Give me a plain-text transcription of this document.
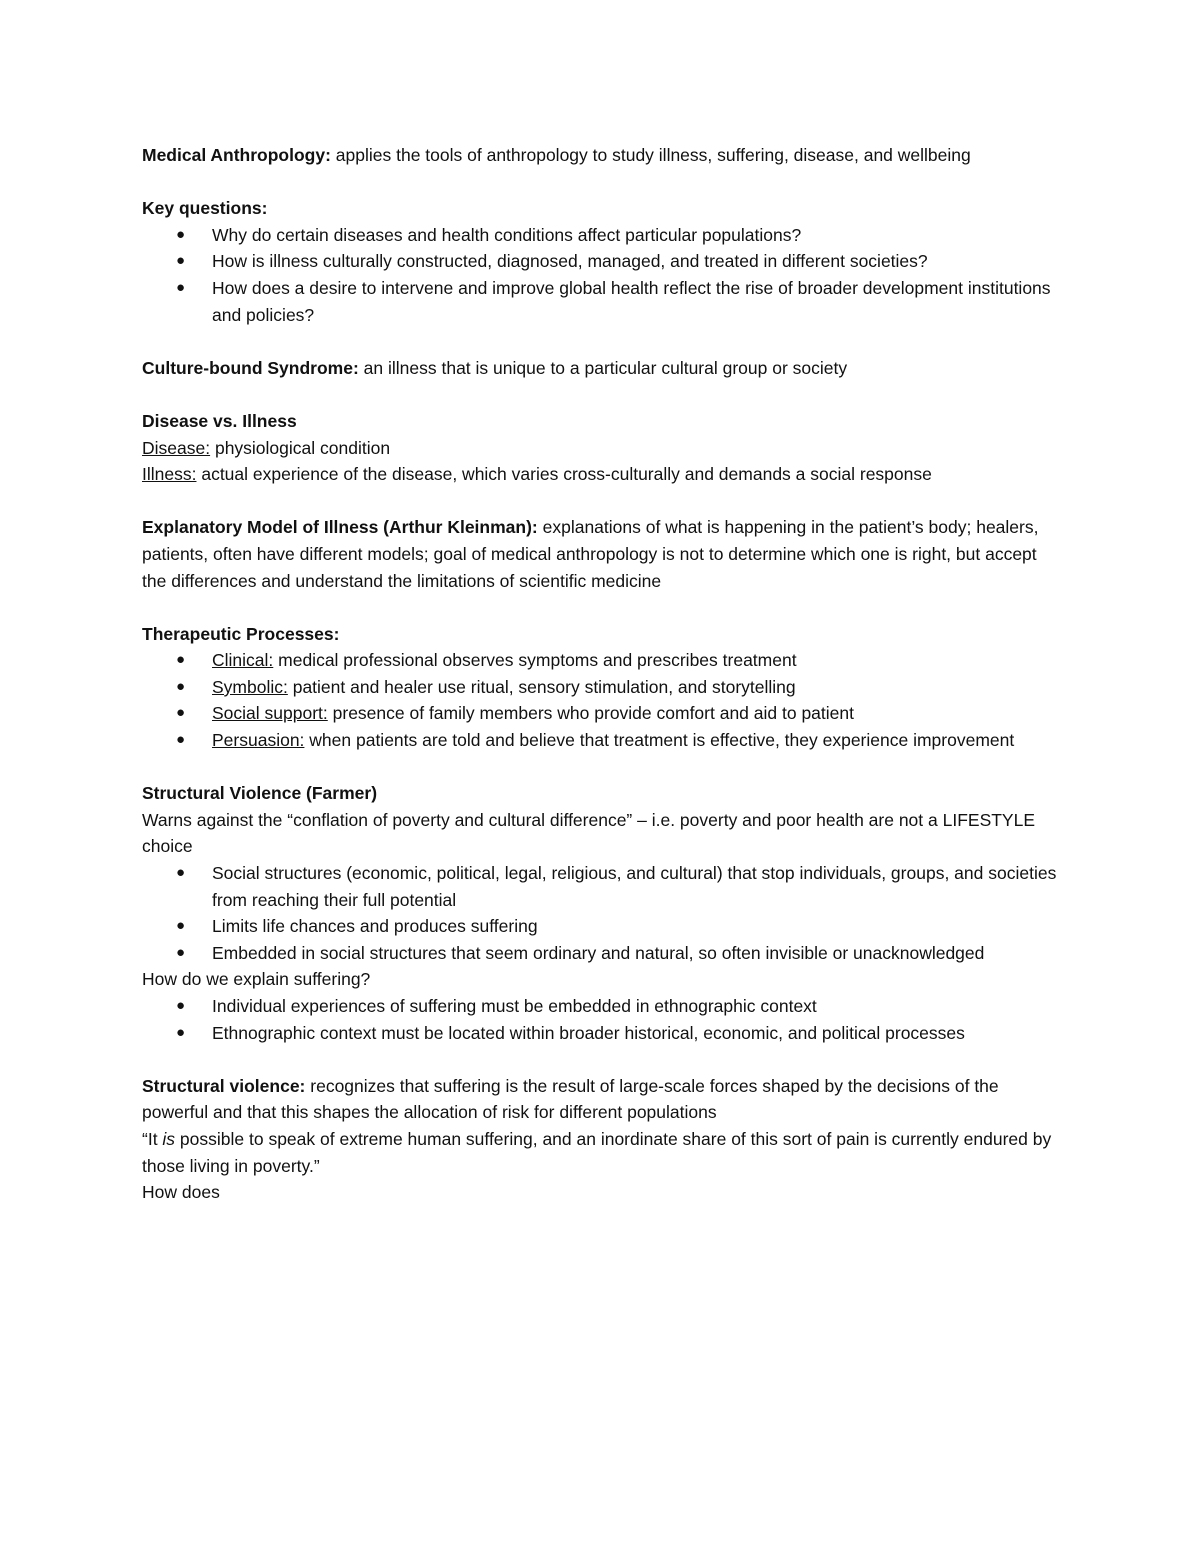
Medical Anthropology: applies the tools of anthropology to study illness, suffering, disease, and wellbeing

Key questions:

● Why do certain diseases and health conditions affect particular populations?
● How is illness culturally constructed, diagnosed, managed, and treated in different societies?
● How does a desire to intervene and improve global health reflect the rise of broader development institutions and policies?

Culture-bound Syndrome: an illness that is unique to a particular cultural group or society

Disease vs. Illness

Disease: physiological condition

Illness: actual experience of the disease, which varies cross-culturally and demands a social response

Explanatory Model of Illness (Arthur Kleinman): explanations of what is happening in the patient’s body; healers, patients, often have different models; goal of medical anthropology is not to determine which one is right, but accept the differences and understand the limitations of scientific medicine

Therapeutic Processes:

● Clinical: medical professional observes symptoms and prescribes treatment
● Symbolic: patient and healer use ritual, sensory stimulation, and storytelling
● Social support: presence of family members who provide comfort and aid to patient
● Persuasion: when patients are told and believe that treatment is effective, they experience improvement

Structural Violence (Farmer)

Warns against the “conflation of poverty and cultural difference” – i.e. poverty and poor health are not a LIFESTYLE choice

● Social structures (economic, political, legal, religious, and cultural) that stop individuals, groups, and societies from reaching their full potential
● Limits life chances and produces suffering
● Embedded in social structures that seem ordinary and natural, so often invisible or unacknowledged

How do we explain suffering?

● Individual experiences of suffering must be embedded in ethnographic context
● Ethnographic context must be located within broader historical, economic, and political processes

Structural violence: recognizes that suffering is the result of large-scale forces shaped by the decisions of the powerful and that this shapes the allocation of risk for different populations

“It is possible to speak of extreme human suffering, and an inordinate share of this sort of pain is currently endured by those living in poverty.”

How does
